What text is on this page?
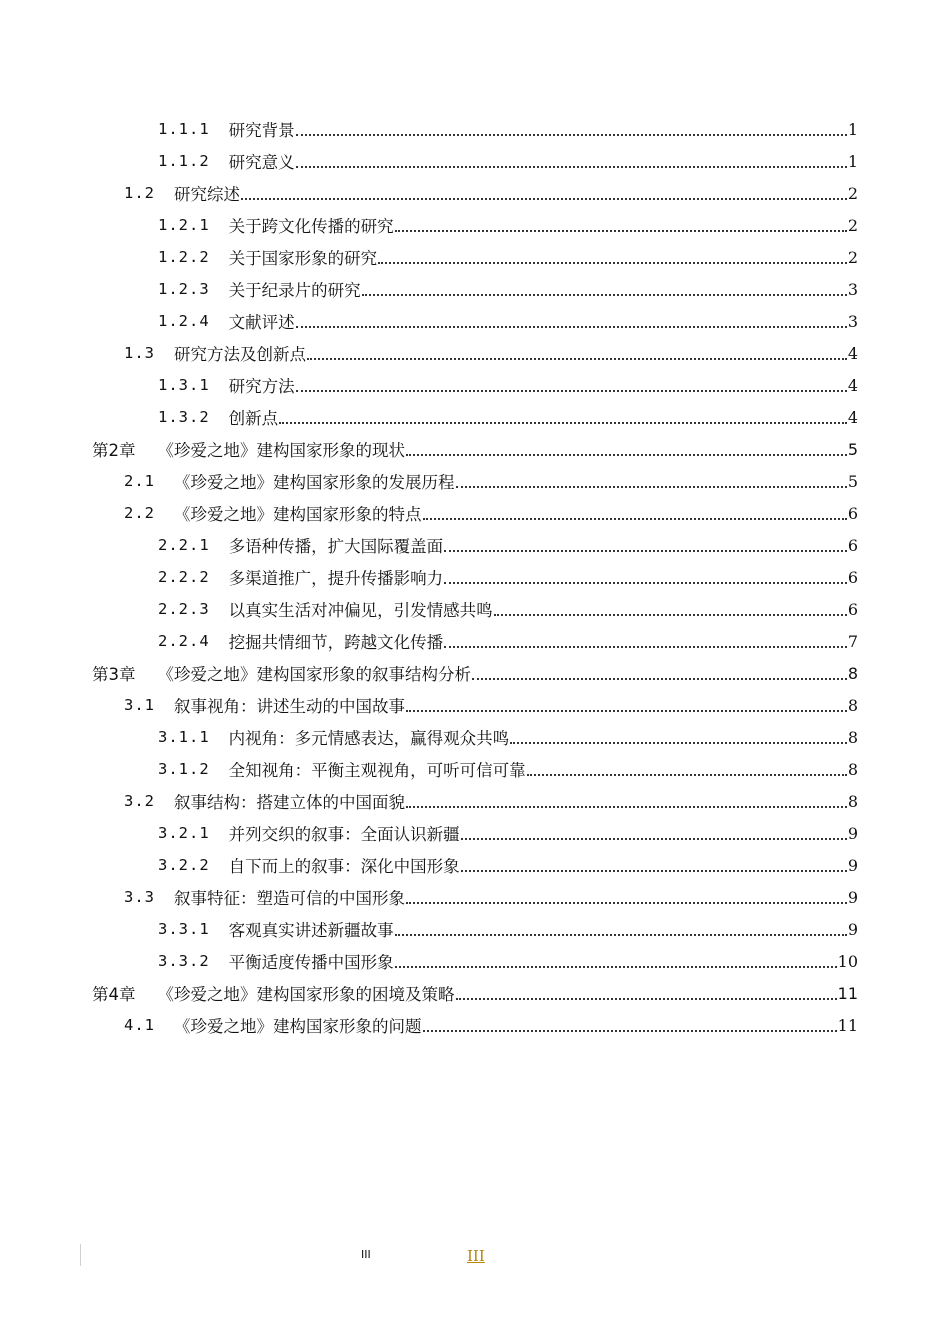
1.1.1 研究背景	1
1.1.2 研究意义	1
1.2 研究综述	2
1.2.1 关于跨文化传播的研究	2
1.2.2 关于国家形象的研究	2
1.2.3 关于纪录片的研究	3
1.2.4 文献评述	3
1.3 研究方法及创新点	4
1.3.1 研究方法	4
1.3.2 创新点	4
第2章 《珍爱之地》建构国家形象的现状	5
2.1 《珍爱之地》建构国家形象的发展历程	5
2.2 《珍爱之地》建构国家形象的特点	6
2.2.1 多语种传播，扩大国际覆盖面	6
2.2.2 多渠道推广，提升传播影响力	6
2.2.3 以真实生活对冲偏见，引发情感共鸣	6
2.2.4 挖掘共情细节，跨越文化传播	7
第3章 《珍爱之地》建构国家形象的叙事结构分析	8
3.1 叙事视角：讲述生动的中国故事	8
3.1.1 内视角：多元情感表达，赢得观众共鸣	8
3.1.2 全知视角：平衡主观视角，可听可信可靠	8
3.2 叙事结构：搭建立体的中国面貌	8
3.2.1 并列交织的叙事：全面认识新疆	9
3.2.2 自下而上的叙事：深化中国形象	9
3.3 叙事特征：塑造可信的中国形象	9
3.3.1 客观真实讲述新疆故事	9
3.3.2 平衡适度传播中国形象	10
第4章 《珍爱之地》建构国家形象的困境及策略	11
4.1 《珍爱之地》建构国家形象的问题	11
III	III
